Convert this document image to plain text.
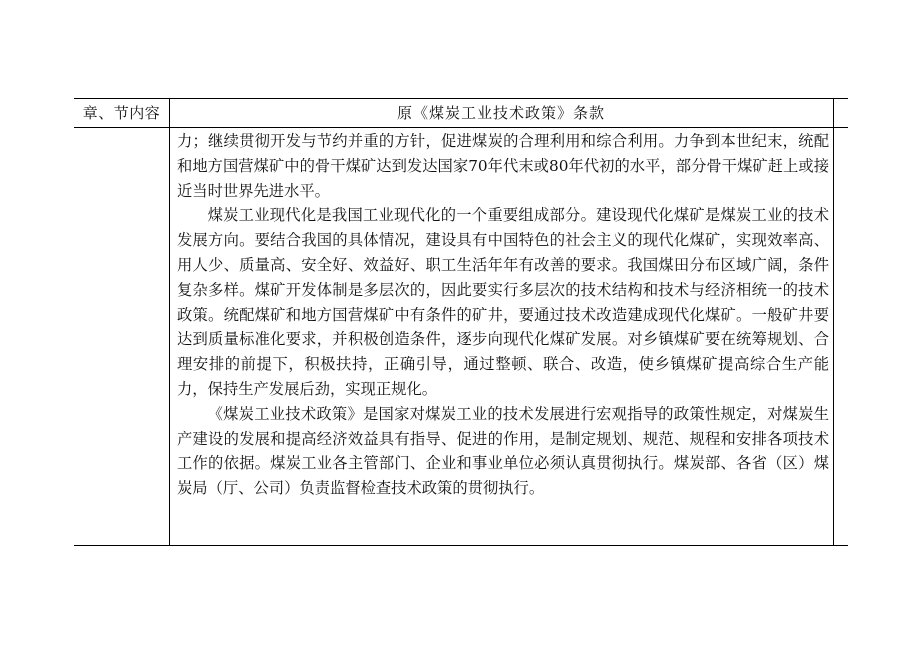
章、节内容	原《煤炭工业技术政策》条款

力；继续贯彻开发与节约并重的方针，促进煤炭的合理利用和综合利用。力争到本世纪末，统配和地方国营煤矿中的骨干煤矿达到发达国家70年代末或80年代初的水平，部分骨干煤矿赶上或接近当时世界先进水平。

煤炭工业现代化是我国工业现代化的一个重要组成部分。建设现代化煤矿是煤炭工业的技术发展方向。要结合我国的具体情况，建设具有中国特色的社会主义的现代化煤矿，实现效率高、用人少、质量高、安全好、效益好、职工生活年年有改善的要求。我国煤田分布区域广阔，条件复杂多样。煤矿开发体制是多层次的，因此要实行多层次的技术结构和技术与经济相统一的技术政策。统配煤矿和地方国营煤矿中有条件的矿井，要通过技术改造建成现代化煤矿。一般矿井要达到质量标准化要求，并积极创造条件，逐步向现代化煤矿发展。对乡镇煤矿要在统筹规划、合理安排的前提下，积极扶持，正确引导，通过整顿、联合、改造，使乡镇煤矿提高综合生产能力，保持生产发展后劲，实现正规化。

《煤炭工业技术政策》是国家对煤炭工业的技术发展进行宏观指导的政策性规定，对煤炭生产建设的发展和提高经济效益具有指导、促进的作用，是制定规划、规范、规程和安排各项技术工作的依据。煤炭工业各主管部门、企业和事业单位必须认真贯彻执行。煤炭部、各省（区）煤炭局（厅、公司）负责监督检查技术政策的贯彻执行。
